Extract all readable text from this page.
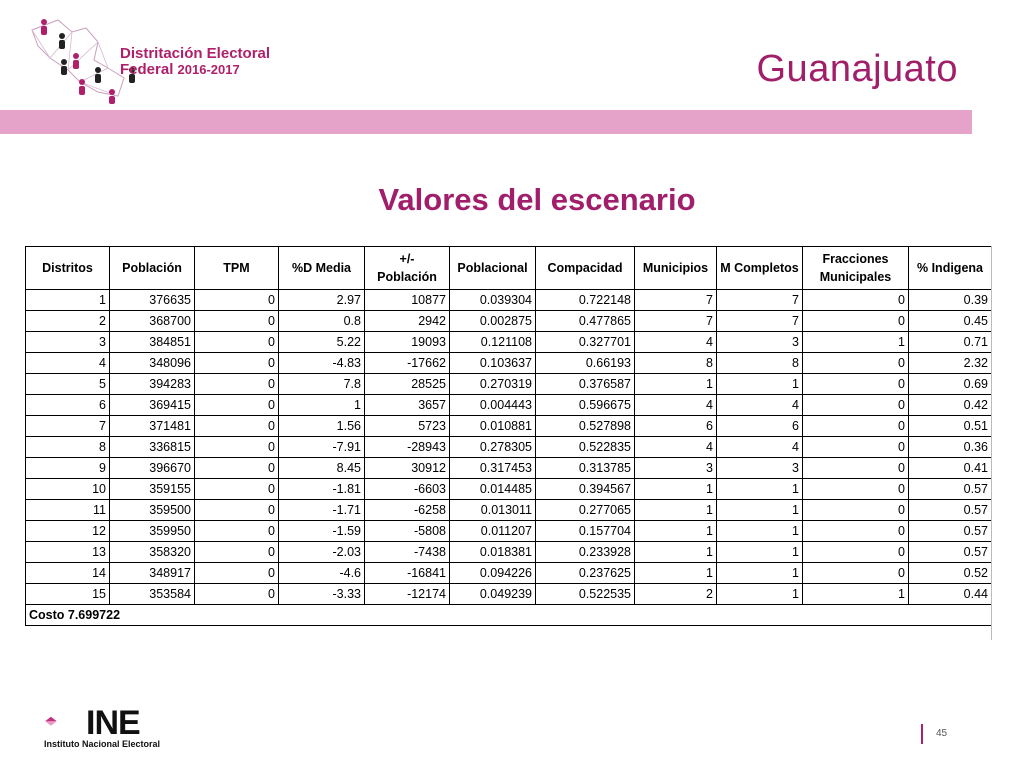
Distritación Electoral
Federal 2016-2017	Guanajuato
Valores del escenario
Distritos	Población	TPM	%D Media	+/- Población	Poblacional	Compacidad	Municipios	M Completos	Fracciones Municipales	% Indigena
1	376635	0	2.97	10877	0.039304	0.722148	7	7	0	0.39
2	368700	0	0.8	2942	0.002875	0.477865	7	7	0	0.45
3	384851	0	5.22	19093	0.121108	0.327701	4	3	1	0.71
4	348096	0	-4.83	-17662	0.103637	0.66193	8	8	0	2.32
5	394283	0	7.8	28525	0.270319	0.376587	1	1	0	0.69
6	369415	0	1	3657	0.004443	0.596675	4	4	0	0.42
7	371481	0	1.56	5723	0.010881	0.527898	6	6	0	0.51
8	336815	0	-7.91	-28943	0.278305	0.522835	4	4	0	0.36
9	396670	0	8.45	30912	0.317453	0.313785	3	3	0	0.41
10	359155	0	-1.81	-6603	0.014485	0.394567	1	1	0	0.57
11	359500	0	-1.71	-6258	0.013011	0.277065	1	1	0	0.57
12	359950	0	-1.59	-5808	0.011207	0.157704	1	1	0	0.57
13	358320	0	-2.03	-7438	0.018381	0.233928	1	1	0	0.57
14	348917	0	-4.6	-16841	0.094226	0.237625	1	1	0	0.52
15	353584	0	-3.33	-12174	0.049239	0.522535	2	1	1	0.44
Costo 7.699722										
INE
Instituto Nacional Electoral
45
